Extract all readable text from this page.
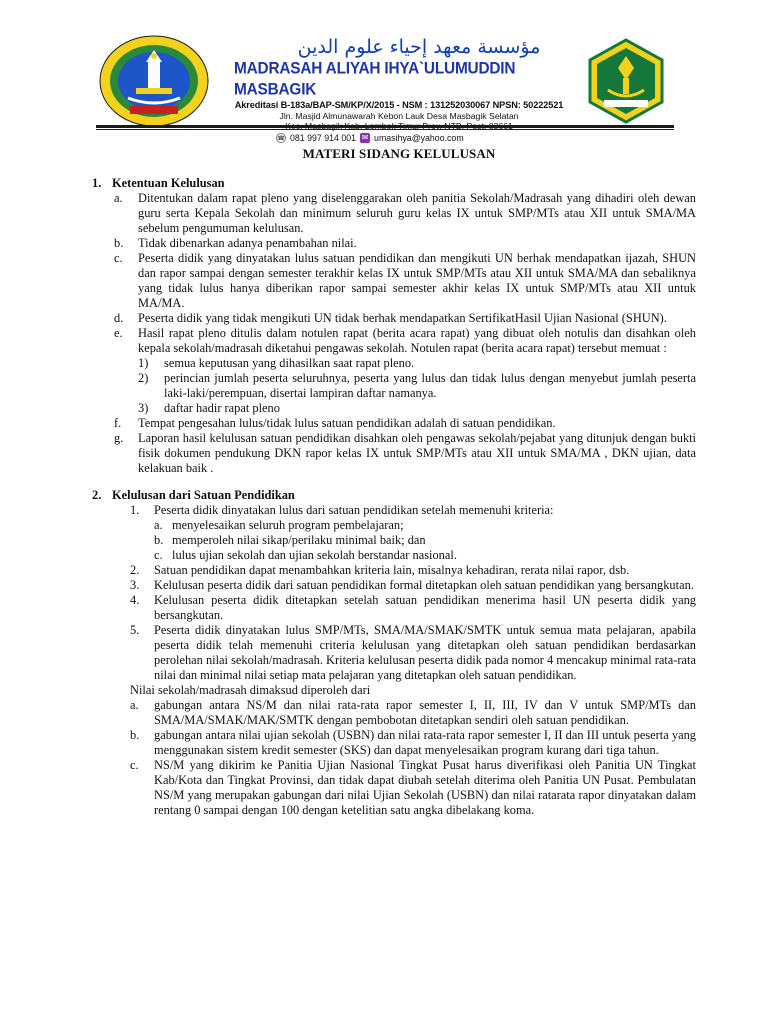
مؤسسة معهد إحياء علوم الدين
MADRASAH ALIYAH IHYA`ULUMUDDIN MASBAGIK
Akreditasi B-183a/BAP-SM/KP/X/2015 - NSM : 131252030067 NPSN: 50222521
Jln. Masjid Almunawarah Kebon Lauk Desa Masbagik Selatan
☎ 081 997 914 001 ✉ umasihya@yahoo.com
MATERI SIDANG KELULUSAN
1. Ketentuan Kelulusan
a. Ditentukan dalam rapat pleno yang diselenggarakan oleh panitia Sekolah/Madrasah yang dihadiri oleh dewan guru serta Kepala Sekolah dan minimum seluruh guru kelas IX untuk SMP/MTs atau XII untuk SMA/MA sebelum pengumuman kelulusan.
b. Tidak dibenarkan adanya penambahan nilai.
c. Peserta didik yang dinyatakan lulus satuan pendidikan dan mengikuti UN berhak mendapatkan ijazah, SHUN dan rapor sampai dengan semester terakhir kelas IX untuk SMP/MTs atau XII untuk SMA/MA dan sebaliknya yang tidak lulus hanya diberikan rapor sampai semester akhir kelas IX untuk SMP/MTs atau XII untuk MA/MA.
d. Peserta didik yang tidak mengikuti UN tidak berhak mendapatkan SertifikatHasil Ujian Nasional (SHUN).
e. Hasil rapat pleno ditulis dalam notulen rapat (berita acara rapat) yang dibuat oleh notulis dan disahkan oleh kepala sekolah/madrasah diketahui pengawas sekolah. Notulen rapat (berita acara rapat) tersebut memuat :
1) semua keputusan yang dihasilkan saat rapat pleno.
2) perincian jumlah peserta seluruhnya, peserta yang lulus dan tidak lulus dengan menyebut jumlah peserta laki-laki/perempuan, disertai lampiran daftar namanya.
3) daftar hadir rapat pleno
f. Tempat pengesahan lulus/tidak lulus satuan pendidikan adalah di satuan pendidikan.
g. Laporan hasil kelulusan satuan pendidikan disahkan oleh pengawas sekolah/pejabat yang ditunjuk dengan bukti fisik dokumen pendukung DKN rapor kelas IX untuk SMP/MTs atau XII untuk SMA/MA , DKN ujian, data kelakuan baik .
2. Kelulusan dari Satuan Pendidikan
1. Peserta didik dinyatakan lulus dari satuan pendidikan setelah memenuhi kriteria:
a. menyelesaikan seluruh program pembelajaran;
b. memperoleh nilai sikap/perilaku minimal baik; dan
c. lulus ujian sekolah dan ujian sekolah berstandar nasional.
2. Satuan pendidikan dapat menambahkan kriteria lain, misalnya kehadiran, rerata nilai rapor, dsb.
3. Kelulusan peserta didik dari satuan pendidikan formal ditetapkan oleh satuan pendidikan yang bersangkutan.
4. Kelulusan peserta didik ditetapkan setelah satuan pendidikan menerima hasil UN peserta didik yang bersangkutan.
5. Peserta didik dinyatakan lulus SMP/MTs, SMA/MA/SMAK/SMTK untuk semua mata pelajaran, apabila peserta didik telah memenuhi criteria kelulusan yang ditetapkan oleh satuan pendidikan berdasarkan perolehan nilai sekolah/madrasah. Kriteria kelulusan peserta didik pada nomor 4 mencakup minimal rata-rata nilai dan minimal nilai setiap mata pelajaran yang ditetapkan oleh satuan pendidikan.
Nilai sekolah/madrasah dimaksud diperoleh dari
a. gabungan antara NS/M dan nilai rata-rata rapor semester I, II, III, IV dan V untuk SMP/MTs dan SMA/MA/SMAK/MAK/SMTK dengan pembobotan ditetapkan sendiri oleh satuan pendidikan.
b. gabungan antara nilai ujian sekolah (USBN) dan nilai rata-rata rapor semester I, II dan III untuk peserta yang menggunakan sistem kredit semester (SKS) dan dapat menyelesaikan program kurang dari tiga tahun.
c. NS/M yang dikirim ke Panitia Ujian Nasional Tingkat Pusat harus diverifikasi oleh Panitia UN Tingkat Kab/Kota dan Tingkat Provinsi, dan tidak dapat diubah setelah diterima oleh Panitia UN Pusat. Pembulatan NS/M yang merupakan gabungan dari nilai Ujian Sekolah (USBN) dan nilai ratarata rapor dinyatakan dalam rentang 0 sampai dengan 100 dengan ketelitian satu angka dibelakang koma.
